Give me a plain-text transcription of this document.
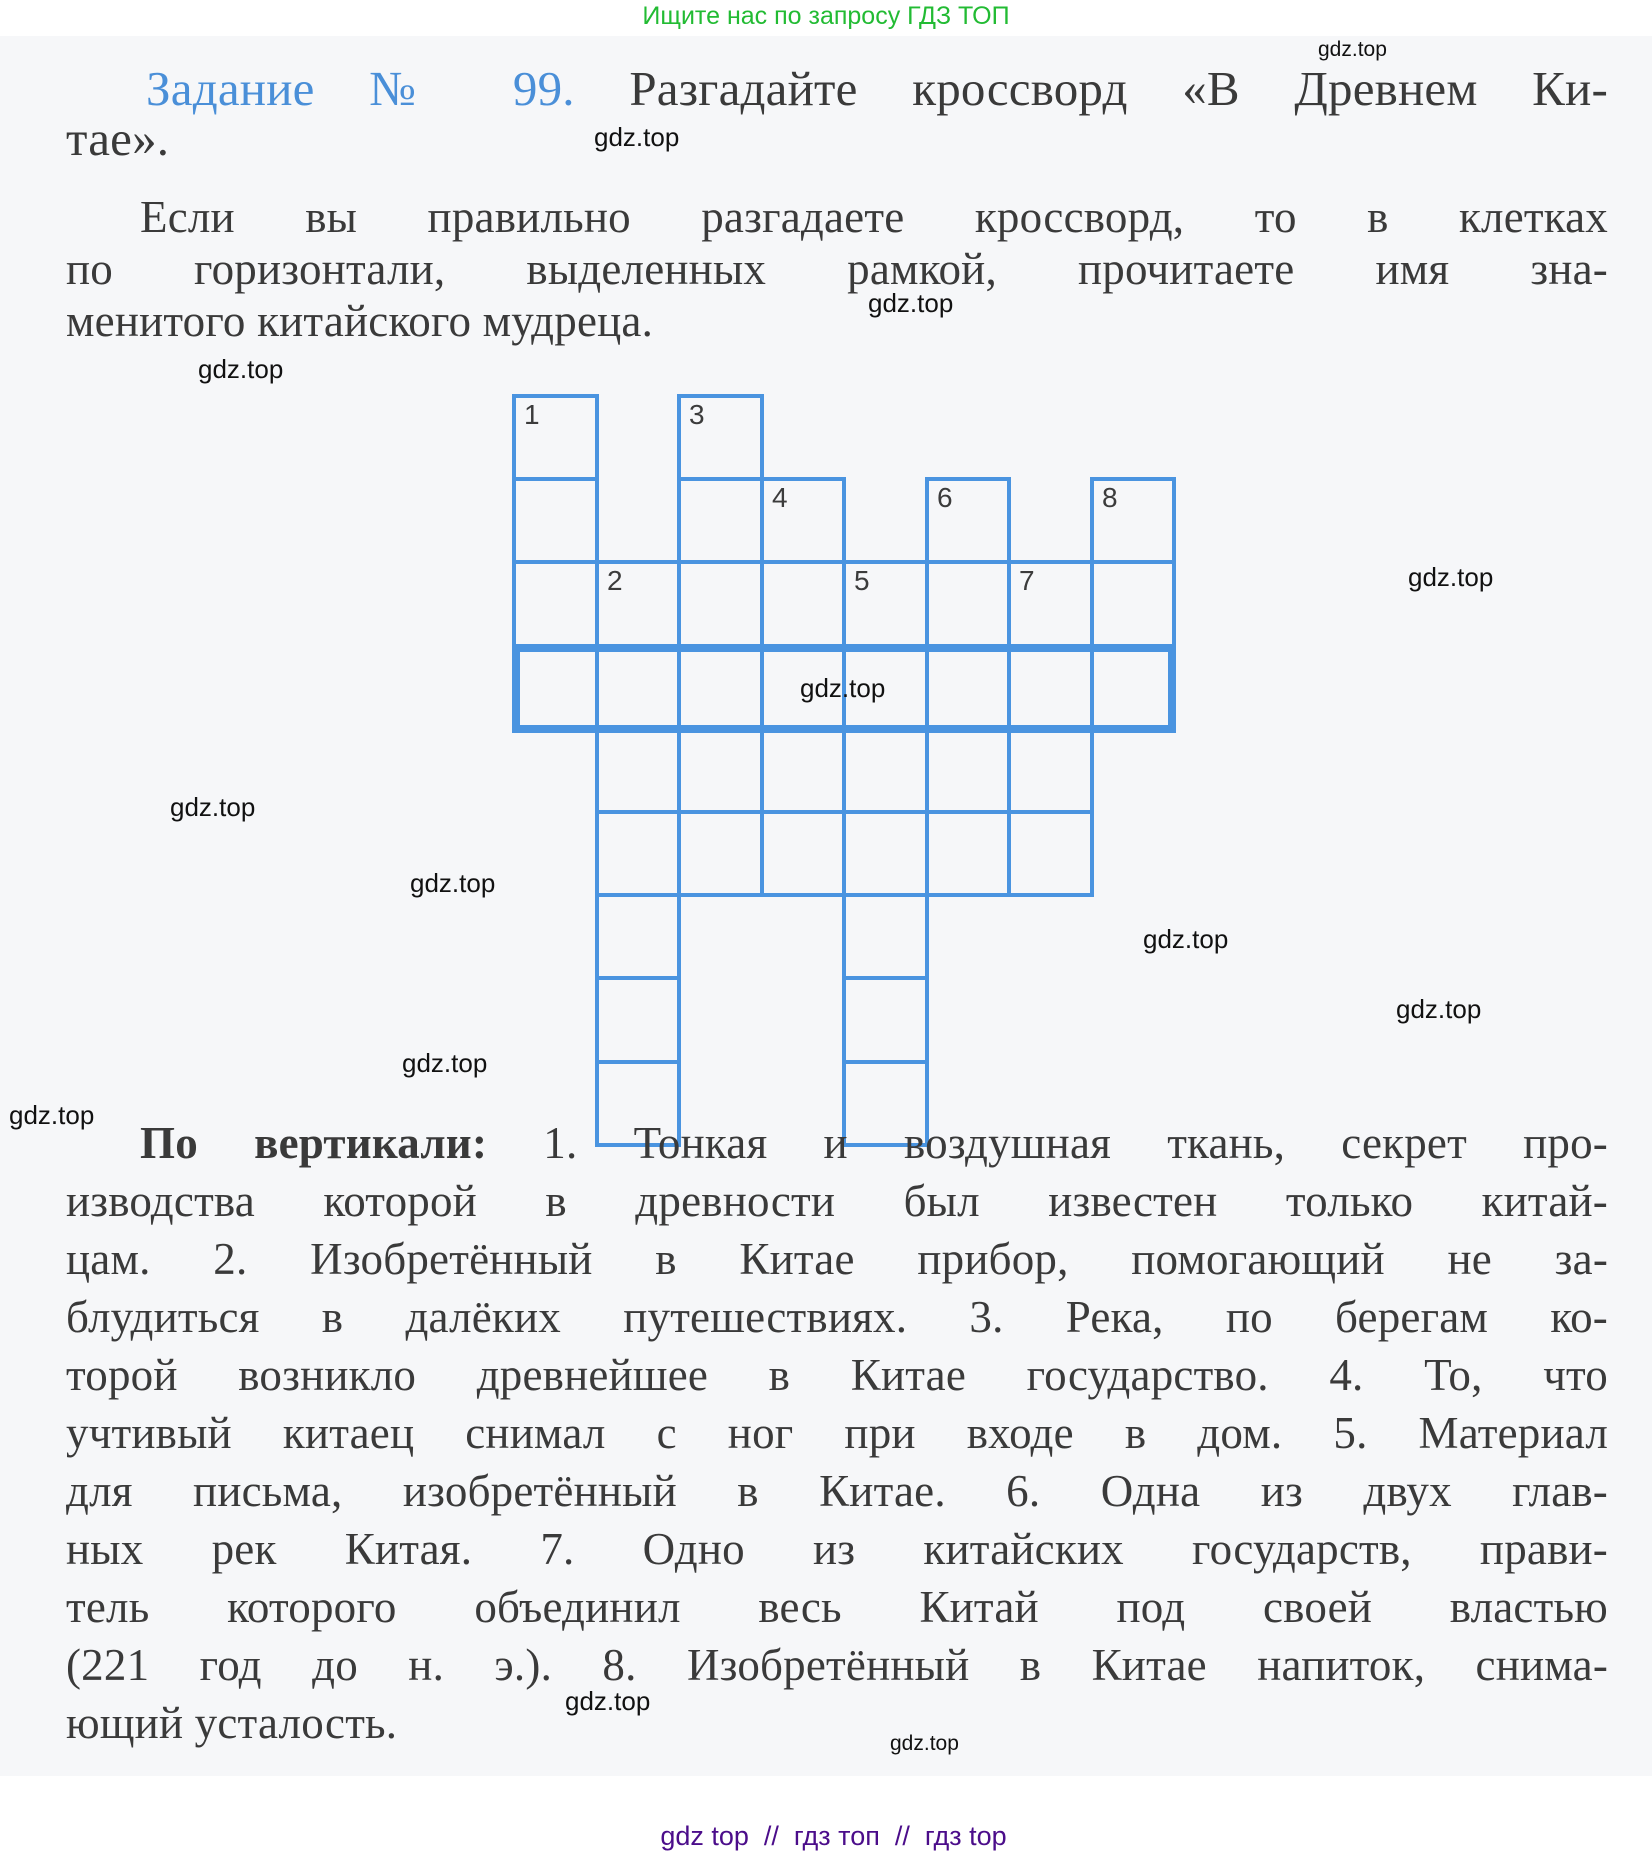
Ищите нас по запросу ГДЗ ТОП
Задание № 99. Разгадайте кроссворд «В Древнем Ки-
тае».
Если вы правильно разгадаете кроссворд, то в клетках
по горизонтали, выделенных рамкой, прочитаете имя зна-
менитого китайского мудреца.
1
2
3
4
5
6
7
8
По вертикали: 1. Тонкая и воздушная ткань, секрет про-
изводства которой в древности был известен только китай-
цам. 2. Изобретённый в Китае прибор, помогающий не за-
блудиться в далёких путешествиях. 3. Река, по берегам ко-
торой возникло древнейшее в Китае государство. 4. То, что
учтивый китаец снимал с ног при входе в дом. 5. Материал
для письма, изобретённый в Китае. 6. Одна из двух глав-
ных рек Китая. 7. Одно из китайских государств, прави-
тель которого объединил весь Китай под своей властью
(221 год до н. э.). 8. Изобретённый в Китае напиток, снима-
ющий усталость.
gdz.top
gdz.top
gdz.top
gdz.top
gdz.top
gdz.top
gdz.top
gdz.top
gdz.top
gdz.top
gdz.top
gdz.top
gdz.top
gdz.top

gdz top  //  гдз топ  //  гдз top
